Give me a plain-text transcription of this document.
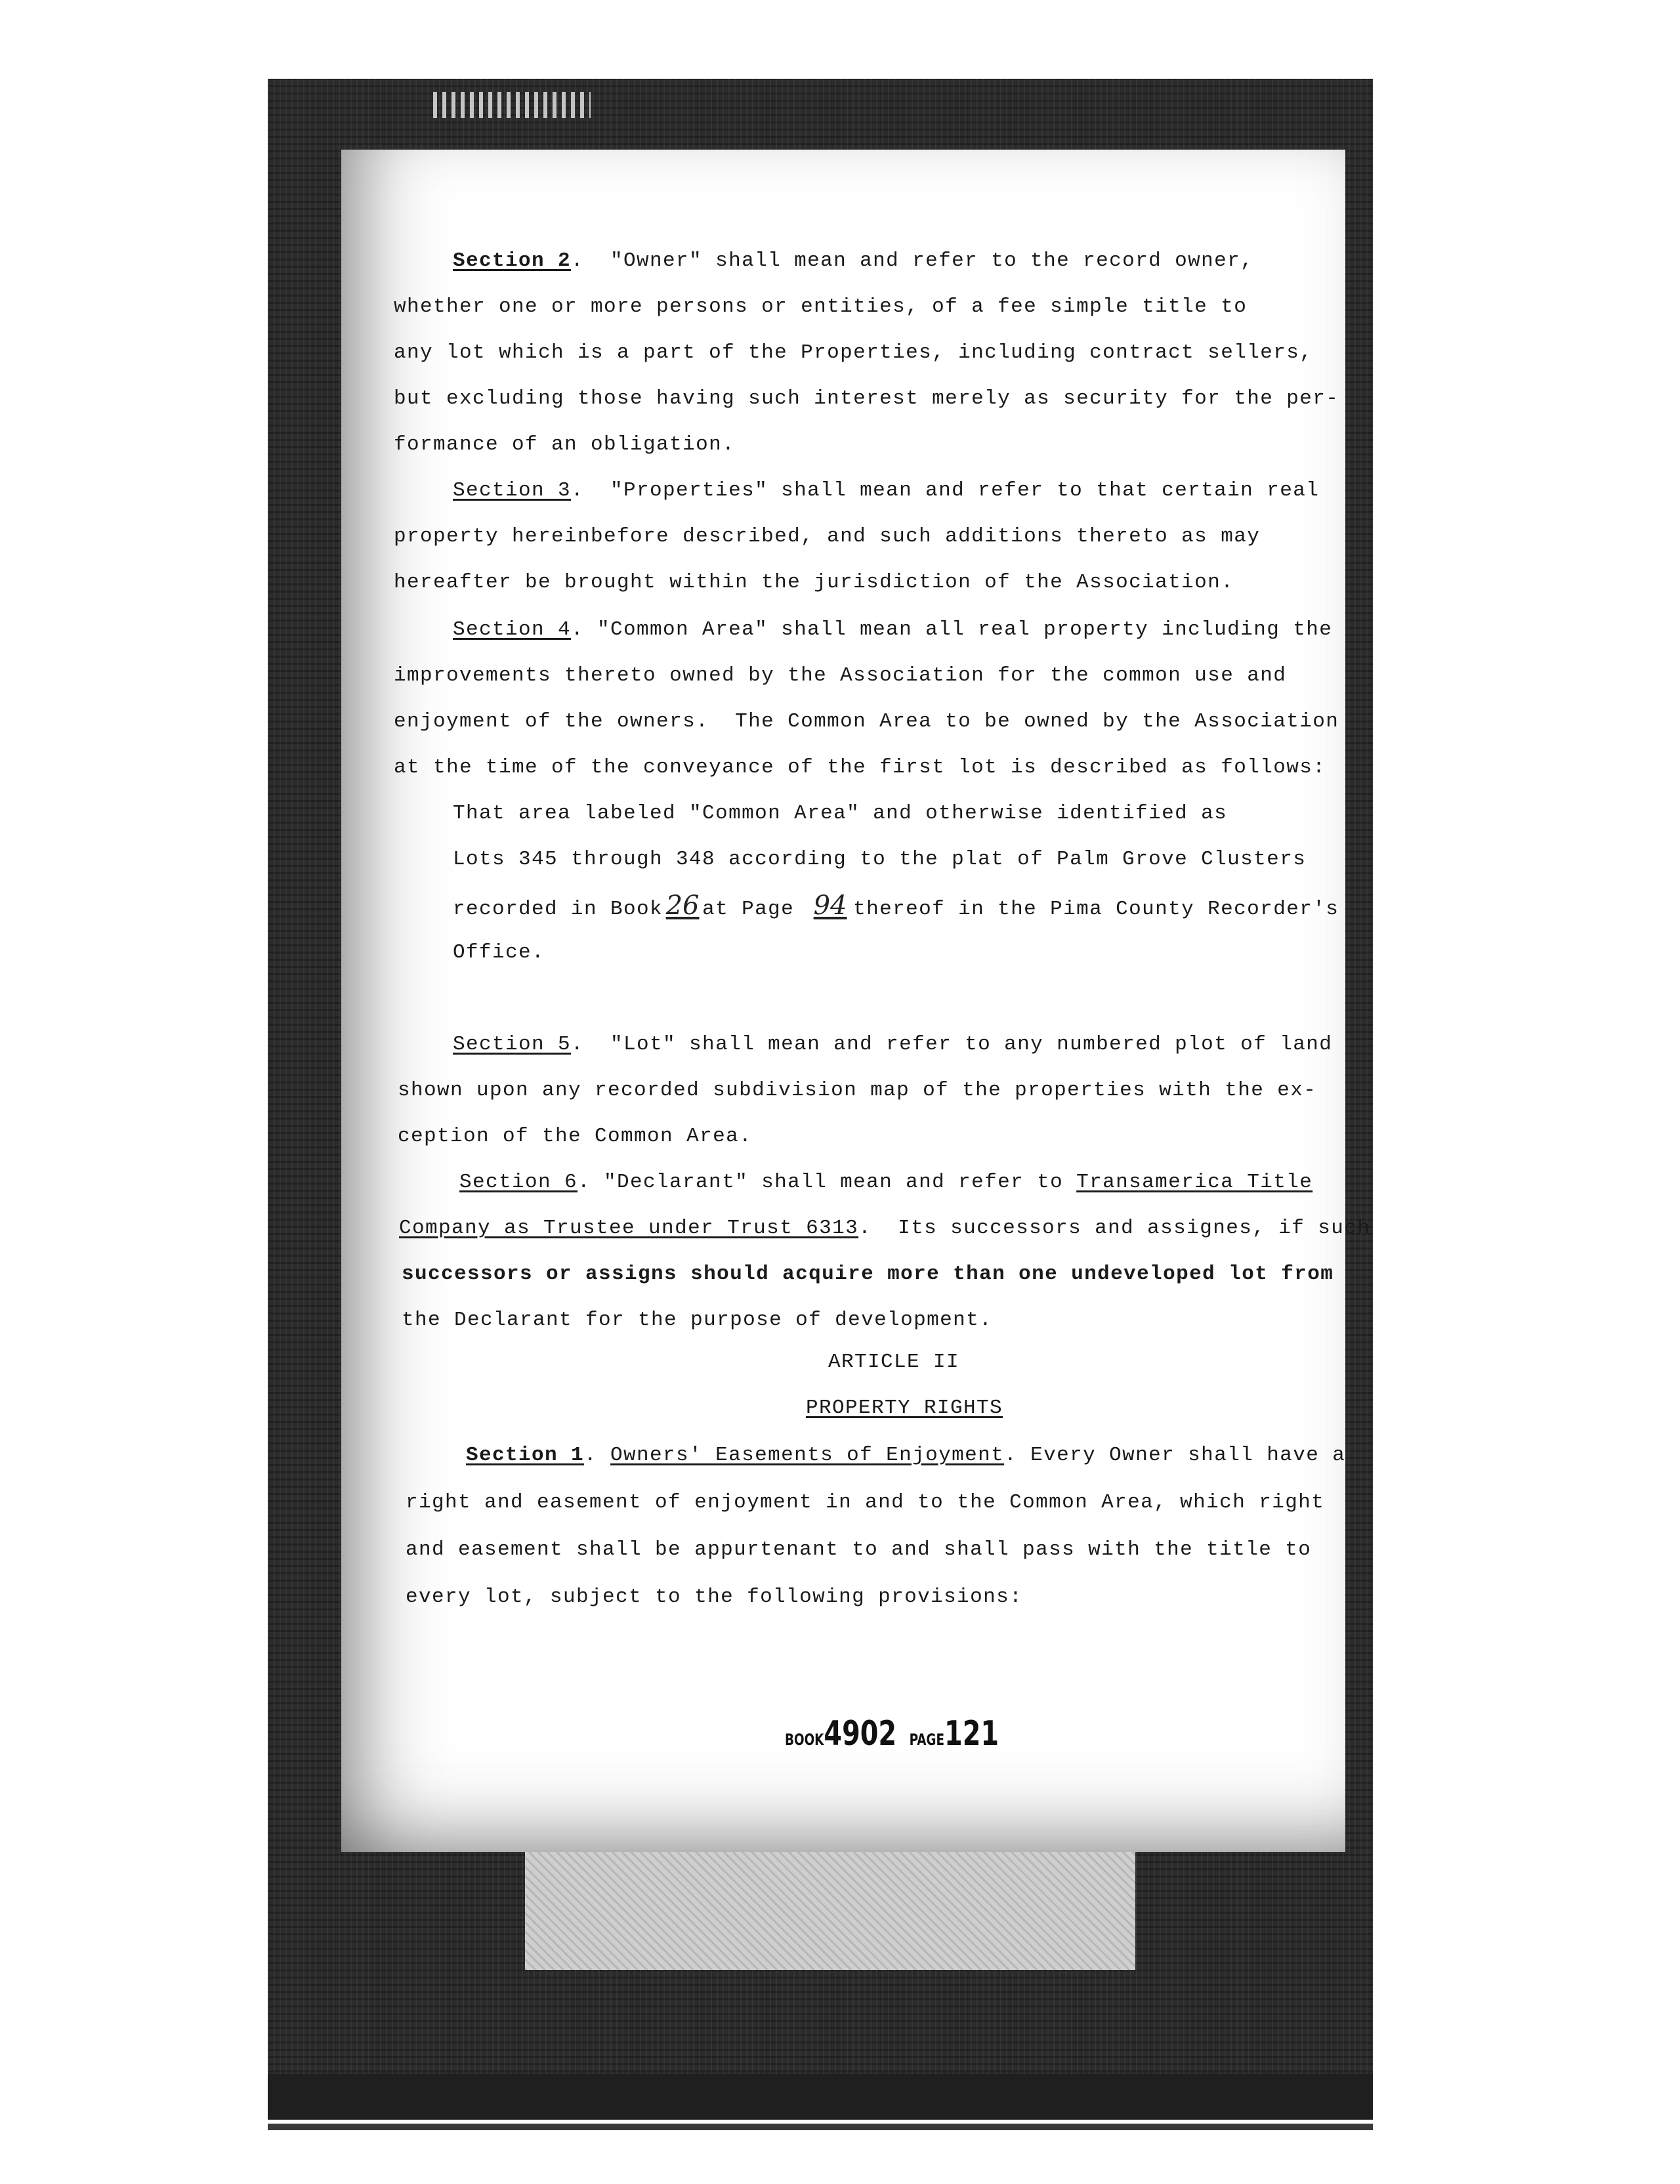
Section 2.  "Owner" shall mean and refer to the record owner,
whether one or more persons or entities, of a fee simple title to
any lot which is a part of the Properties, including contract sellers,
but excluding those having such interest merely as security for the per-
formance of an obligation.
Section 3.  "Properties" shall mean and refer to that certain real
property hereinbefore described, and such additions thereto as may
hereafter be brought within the jurisdiction of the Association.
Section 4. "Common Area" shall mean all real property including the
improvements thereto owned by the Association for the common use and
enjoyment of the owners.  The Common Area to be owned by the Association
at the time of the conveyance of the first lot is described as follows:
That area labeled "Common Area" and otherwise identified as
Lots 345 through 348 according to the plat of Palm Grove Clusters
recorded in Book 26 at Page 94 thereof in the Pima County Recorder's
Office.
Section 5.  "Lot" shall mean and refer to any numbered plot of land
shown upon any recorded subdivision map of the properties with the ex-
ception of the Common Area.
Section 6. "Declarant" shall mean and refer to Transamerica Title
Company as Trustee under Trust 6313.  Its successors and assignes, if such
successors or assigns should acquire more than one undeveloped lot from
the Declarant for the purpose of development.
ARTICLE II
PROPERTY RIGHTS
Section 1. Owners' Easements of Enjoyment. Every Owner shall have a
right and easement of enjoyment in and to the Common Area, which right
and easement shall be appurtenant to and shall pass with the title to
every lot, subject to the following provisions:
BOOK4902 PAGE121
